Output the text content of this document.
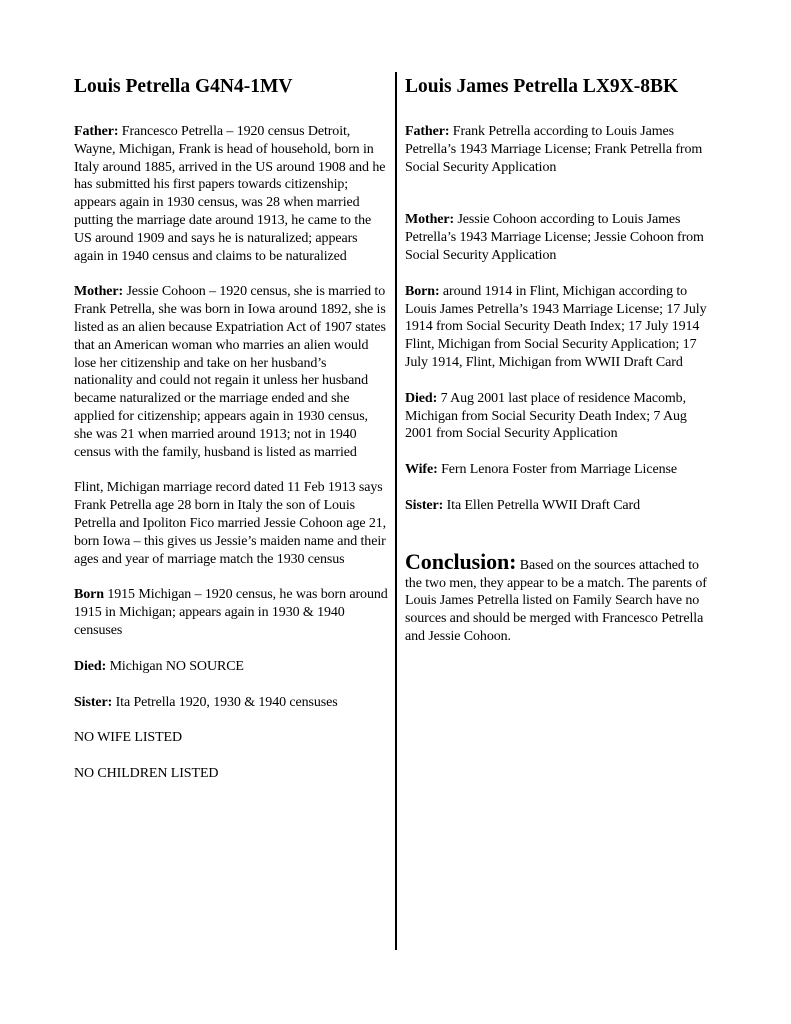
Louis Petrella G4N4-1MV

Father: Francesco Petrella – 1920 census Detroit, Wayne, Michigan, Frank is head of household, born in Italy around 1885, arrived in the US around 1908 and he has submitted his first papers towards citizenship; appears again in 1930 census, was 28 when married putting the marriage date around 1913, he came to the US around 1909 and says he is naturalized; appears again in 1940 census and claims to be naturalized

Mother: Jessie Cohoon – 1920 census, she is married to Frank Petrella, she was born in Iowa around 1892, she is listed as an alien because Expatriation Act of 1907 states that an American woman who marries an alien would lose her citizenship and take on her husband’s nationality and could not regain it unless her husband became naturalized or the marriage ended and she applied for citizenship; appears again in 1930 census, she was 21 when married around 1913; not in 1940 census with the family, husband is listed as married

Flint, Michigan marriage record dated 11 Feb 1913 says Frank Petrella age 28 born in Italy the son of Louis Petrella and Ipoliton Fico married Jessie Cohoon age 21, born Iowa – this gives us Jessie’s maiden name and their ages and year of marriage match the 1930 census

Born 1915 Michigan – 1920 census, he was born around 1915 in Michigan; appears again in 1930 & 1940 censuses

Died: Michigan NO SOURCE

Sister: Ita Petrella 1920, 1930 & 1940 censuses

NO WIFE LISTED

NO CHILDREN LISTED

Louis James Petrella LX9X-8BK

Father: Frank Petrella according to Louis James Petrella’s 1943 Marriage License; Frank Petrella from Social Security Application

Mother: Jessie Cohoon according to Louis James Petrella’s 1943 Marriage License; Jessie Cohoon from Social Security Application

Born: around 1914 in Flint, Michigan according to Louis James Petrella’s 1943 Marriage License; 17 July 1914 from Social Security Death Index; 17 July 1914 Flint, Michigan from Social Security Application; 17 July 1914, Flint, Michigan from WWII Draft Card

Died: 7 Aug 2001 last place of residence Macomb, Michigan from Social Security Death Index; 7 Aug 2001 from Social Security Application

Wife: Fern Lenora Foster from Marriage License

Sister: Ita Ellen Petrella WWII Draft Card

Conclusion: Based on the sources attached to the two men, they appear to be a match. The parents of Louis James Petrella listed on Family Search have no sources and should be merged with Francesco Petrella and Jessie Cohoon.
